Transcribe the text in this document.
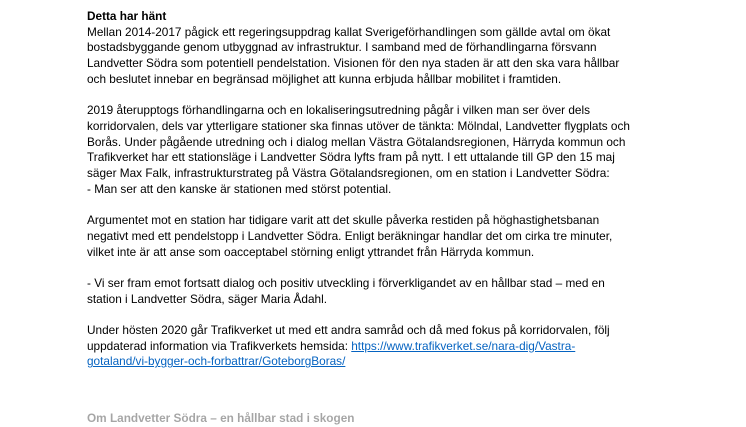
Detta har hänt

Mellan 2014-2017 pågick ett regeringsuppdrag kallat Sverigeförhandlingen som gällde avtal om ökat

bostadsbyggande genom utbyggnad av infrastruktur. I samband med de förhandlingarna försvann

Landvetter Södra som potentiell pendelstation. Visionen för den nya staden är att den ska vara hållbar

och beslutet innebar en begränsad möjlighet att kunna erbjuda hållbar mobilitet i framtiden.

2019 återupptogs förhandlingarna och en lokaliseringsutredning pågår i vilken man ser över dels

korridorvalen, dels var ytterligare stationer ska finnas utöver de tänkta: Mölndal, Landvetter flygplats och

Borås. Under pågående utredning och i dialog mellan Västra Götalandsregionen, Härryda kommun och

Trafikverket har ett stationsläge i Landvetter Södra lyfts fram på nytt. I ett uttalande till GP den 15 maj

säger Max Falk, infrastrukturstrateg på Västra Götalandsregionen, om en station i Landvetter Södra:

- Man ser att den kanske är stationen med störst potential.

Argumentet mot en station har tidigare varit att det skulle påverka restiden på höghastighetsbanan

negativt med ett pendelstopp i Landvetter Södra. Enligt beräkningar handlar det om cirka tre minuter,

vilket inte är att anse som oacceptabel störning enligt yttrandet från Härryda kommun.

- Vi ser fram emot fortsatt dialog och positiv utveckling i förverkligandet av en hållbar stad – med en

station i Landvetter Södra, säger Maria Ådahl.

Under hösten 2020 går Trafikverket ut med ett andra samråd och då med fokus på korridorvalen, följ

uppdaterad information via Trafikverkets hemsida: https://www.trafikverket.se/nara-dig/Vastra-

gotaland/vi-bygger-och-forbattrar/GoteborgBoras/

Om Landvetter Södra – en hållbar stad i skogen
